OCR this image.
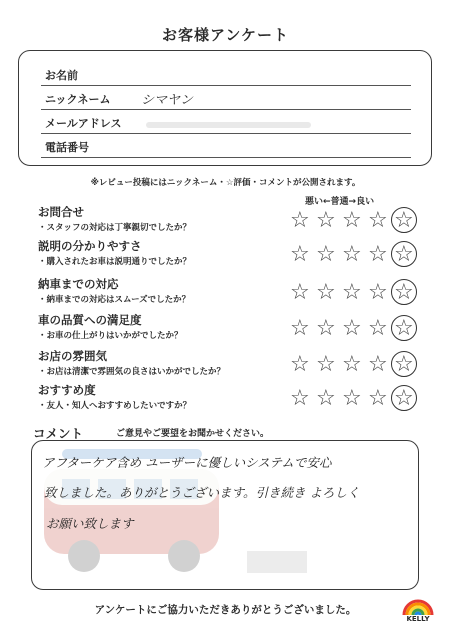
お客様アンケート
お名前
ニックネーム シマヤン
メールアドレス
電話番号
※レビュー投稿にはニックネーム・☆評価・コメントが公開されます。
悪い←普通→良い
お問合せ
・スタッフの対応は丁寧親切でしたか？	☆ ☆ ☆ ☆ ☆
説明の分かりやすさ
・購入されたお車は説明通りでしたか？	☆ ☆ ☆ ☆ ☆
納車までの対応
・納車までの対応はスムーズでしたか？	☆ ☆ ☆ ☆ ☆
車の品質への満足度
・お車の仕上がりはいかがでしたか？	☆ ☆ ☆ ☆ ☆
お店の雰囲気
・お店は清潔で雰囲気の良さはいかがでしたか？	☆ ☆ ☆ ☆ ☆
おすすめ度
・友人・知人へおすすめしたいですか？	☆ ☆ ☆ ☆ ☆
コメント	ご意見やご要望をお聞かせください。
アフターケア含め ユーザーに優しいシステムで安心
致しました。ありがとうございます。引き続き よろしく
お願い致します
アンケートにご協力いただきありがとうございました。
KELLY
